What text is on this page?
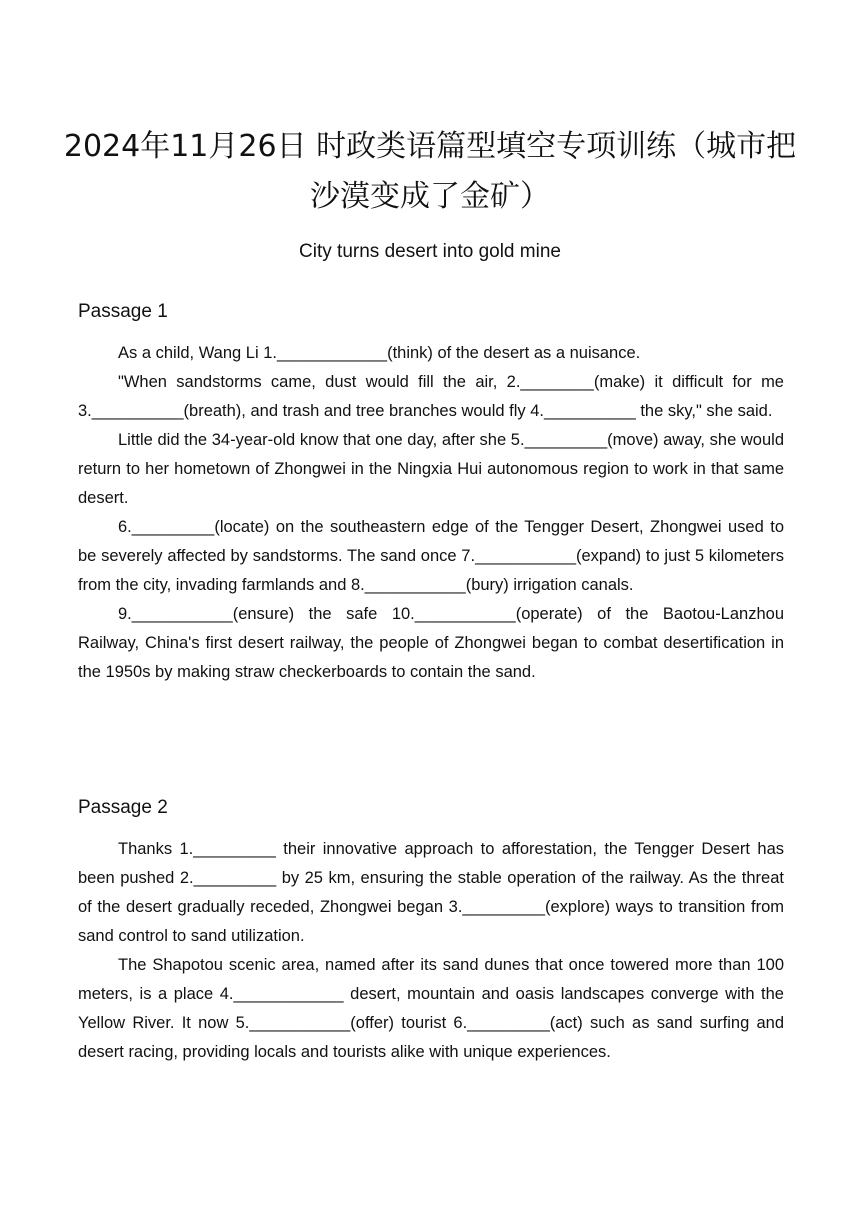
2024年11月26日 时政类语篇型填空专项训练（城市把沙漠变成了金矿）
City turns desert into gold mine
Passage 1

As a child, Wang Li 1.____________(think) of the desert as a nuisance.

"When sandstorms came, dust would fill the air, 2.________(make) it difficult for me 3.__________(breath), and trash and tree branches would fly 4.__________ the sky," she said.

Little did the 34-year-old know that one day, after she 5._________(move) away, she would return to her hometown of Zhongwei in the Ningxia Hui autonomous region to work in that same desert.

6._________(locate) on the southeastern edge of the Tengger Desert, Zhongwei used to be severely affected by sandstorms. The sand once 7.___________(expand) to just 5 kilometers from the city, invading farmlands and 8.___________(bury) irrigation canals.

9.___________(ensure) the safe 10.___________(operate) of the Baotou-Lanzhou Railway, China's first desert railway, the people of Zhongwei began to combat desertification in the 1950s by making straw checkerboards to contain the sand.

Passage 2

Thanks 1._________ their innovative approach to afforestation, the Tengger Desert has been pushed 2._________ by 25 km, ensuring the stable operation of the railway. As the threat of the desert gradually receded, Zhongwei began 3._________(explore) ways to transition from sand control to sand utilization.

The Shapotou scenic area, named after its sand dunes that once towered more than 100 meters, is a place 4.____________ desert, mountain and oasis landscapes converge with the Yellow River. It now 5.___________(offer) tourist 6._________(act) such as sand surfing and desert racing, providing locals and tourists alike with unique experiences.
